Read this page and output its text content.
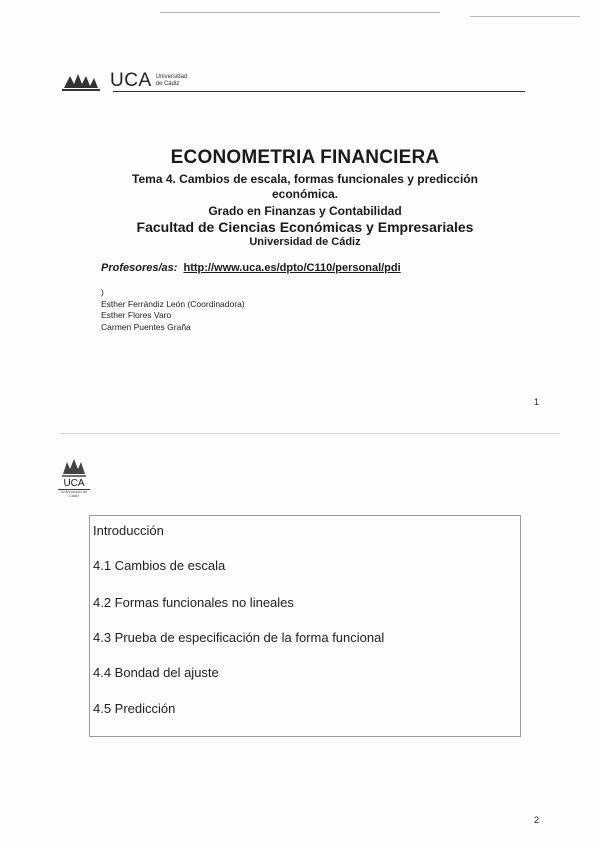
UCA Universidad
de Cádiz
ECONOMETRIA FINANCIERA
Tema 4. Cambios de escala, formas funcionales y predicción
económica.
Grado en Finanzas y Contabilidad
Facultad de Ciencias Económicas y Empresariales
Universidad de Cádiz
Profesores/as: http://www.uca.es/dpto/C110/personal/pdi
)
Esther Ferrándiz León (Coordinadora)
Esther Flores Varo
Carmen Puentes Graña
1
UCA
Universidad de Cádiz
Introducción
4.1 Cambios de escala
4.2 Formas funcionales no lineales
4.3 Prueba de especificación de la forma funcional
4.4 Bondad del ajuste
4.5 Predicción
2
